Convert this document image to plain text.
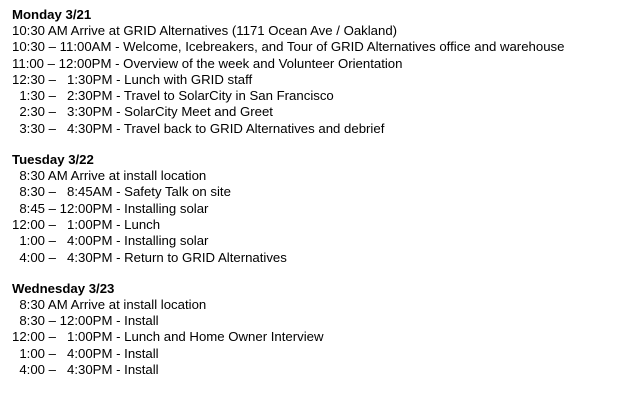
Monday 3/21

10:30 AM Arrive at GRID Alternatives (1171 Ocean Ave / Oakland)

10:30 – 11:00AM - Welcome, Icebreakers, and Tour of GRID Alternatives office and warehouse

11:00 – 12:00PM - Overview of the week and Volunteer Orientation

12:30 –   1:30PM - Lunch with GRID staff

1:30 –   2:30PM - Travel to SolarCity in San Francisco

2:30 –   3:30PM - SolarCity Meet and Greet

3:30 –   4:30PM - Travel back to GRID Alternatives and debrief

Tuesday 3/22

8:30 AM Arrive at install location

8:30 –   8:45AM - Safety Talk on site

8:45 – 12:00PM - Installing solar

12:00 –   1:00PM - Lunch

1:00 –   4:00PM - Installing solar

4:00 –   4:30PM - Return to GRID Alternatives

Wednesday 3/23

8:30 AM Arrive at install location

8:30 – 12:00PM - Install

12:00 –   1:00PM - Lunch and Home Owner Interview

1:00 –   4:00PM - Install

4:00 –   4:30PM - Install
